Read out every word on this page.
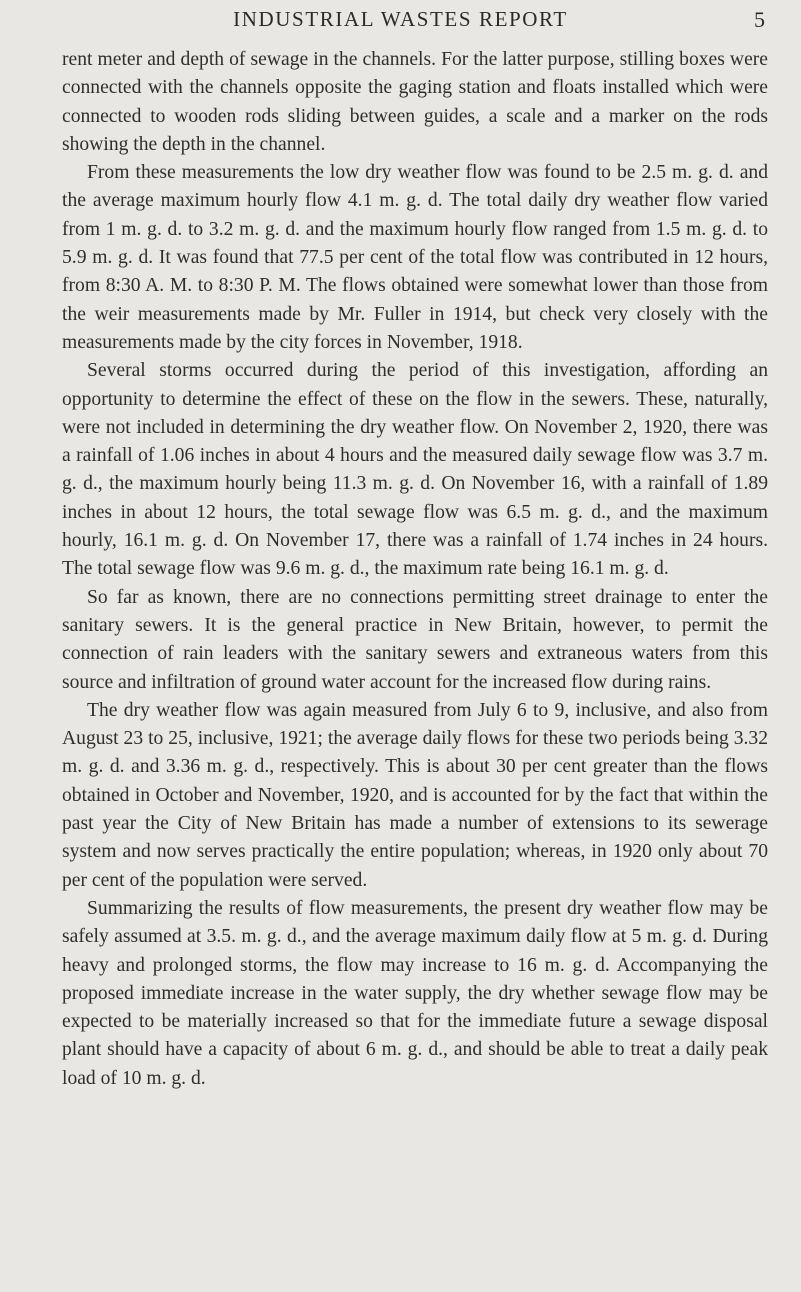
INDUSTRIAL WASTES REPORT	5

rent meter and depth of sewage in the channels. For the latter purpose, stilling boxes were connected with the channels opposite the gaging station and floats installed which were connected to wooden rods sliding between guides, a scale and a marker on the rods showing the depth in the channel.

From these measurements the low dry weather flow was found to be 2.5 m. g. d. and the average maximum hourly flow 4.1 m. g. d. The total daily dry weather flow varied from 1 m. g. d. to 3.2 m. g. d. and the maximum hourly flow ranged from 1.5 m. g. d. to 5.9 m. g. d. It was found that 77.5 per cent of the total flow was contributed in 12 hours, from 8:30 A. M. to 8:30 P. M. The flows obtained were somewhat lower than those from the weir measurements made by Mr. Fuller in 1914, but check very closely with the measurements made by the city forces in November, 1918.

Several storms occurred during the period of this investigation, affording an opportunity to determine the effect of these on the flow in the sewers. These, naturally, were not included in determining the dry weather flow. On November 2, 1920, there was a rainfall of 1.06 inches in about 4 hours and the measured daily sewage flow was 3.7 m. g. d., the maximum hourly being 11.3 m. g. d. On November 16, with a rainfall of 1.89 inches in about 12 hours, the total sewage flow was 6.5 m. g. d., and the maximum hourly, 16.1 m. g. d. On November 17, there was a rainfall of 1.74 inches in 24 hours. The total sewage flow was 9.6 m. g. d., the maximum rate being 16.1 m. g. d.

So far as known, there are no connections permitting street drainage to enter the sanitary sewers. It is the general practice in New Britain, however, to permit the connection of rain leaders with the sanitary sewers and extraneous waters from this source and infiltration of ground water account for the increased flow during rains.

The dry weather flow was again measured from July 6 to 9, inclusive, and also from August 23 to 25, inclusive, 1921; the average daily flows for these two periods being 3.32 m. g. d. and 3.36 m. g. d., respectively. This is about 30 per cent greater than the flows obtained in October and November, 1920, and is accounted for by the fact that within the past year the City of New Britain has made a number of extensions to its sewerage system and now serves practically the entire population; whereas, in 1920 only about 70 per cent of the population were served.

Summarizing the results of flow measurements, the present dry weather flow may be safely assumed at 3.5. m. g. d., and the average maximum daily flow at 5 m. g. d. During heavy and prolonged storms, the flow may increase to 16 m. g. d. Accompanying the proposed immediate increase in the water supply, the dry whether sewage flow may be expected to be materially increased so that for the immediate future a sewage disposal plant should have a capacity of about 6 m. g. d., and should be able to treat a daily peak load of 10 m. g. d.
